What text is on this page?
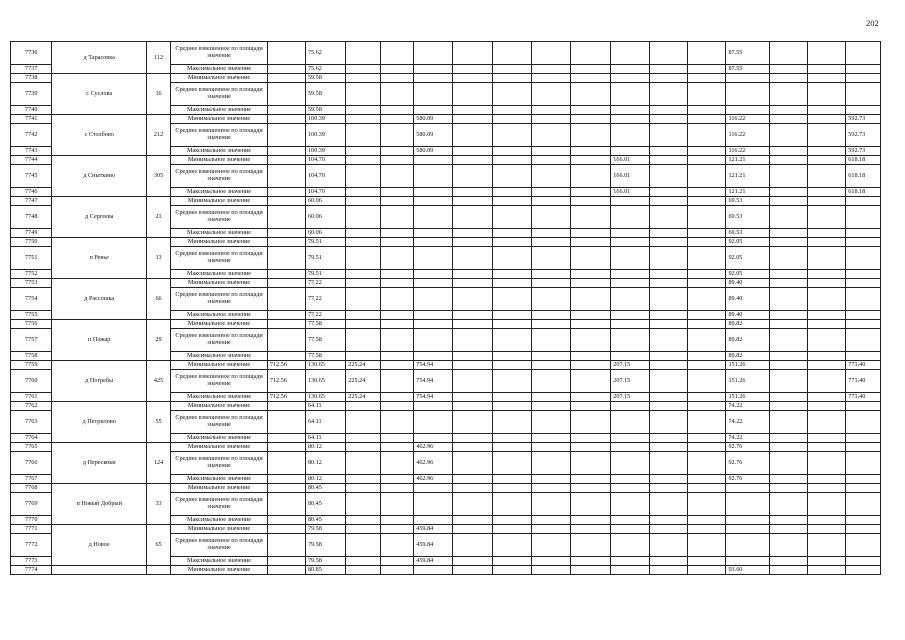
202
7736	д Тарасовка	112	Среднее взвешенное по площади значение		75.62											87.55			
7737			Максимальное значение		75.62											87.55			
7738	с Суслова	16	Минимальное значение		59.58														
7739			Среднее взвешенное по площади значение		59.58														
7740			Максимальное значение		59.58														
7741	с Столбово	212	Минимальное значение		100.39			580.09								116.22			592.73
7742			Среднее взвешенное по площади значение		100.39			580.09								116.22			592.73
7743			Максимальное значение		100.39			580.09								116.22			592.73
7744	д Сныткино	305	Минимальное значение		104.70								166.01			121.21			618.18
7745			Среднее взвешенное по площади значение		104.70								166.01			121.21			618.18
7746			Максимальное значение		104.70								166.01			121.21			618.18
7747	д Сергеева	21	Минимальное значение		60.06											69.53			
7748			Среднее взвешенное по площади значение		60.06											69.53			
7749			Максимальное значение		60.06											69.53			
7750	п Ревье	13	Минимальное значение		79.51											92.05			
7751			Среднее взвешенное по площади значение		79.51											92.05			
7752			Максимальное значение		79.51											92.05			
7753	д Рассошка	66	Минимальное значение		77.22											89.40			
7754			Среднее взвешенное по площади значение		77.22											89.40			
7755			Максимальное значение		77.22											89.40			
7756	п Пожар	29	Минимальное значение		77.58											89.82			
7757			Среднее взвешенное по площади значение		77.58											89.82			
7758			Максимальное значение		77.58											89.82			
7759	д Погребы	425	Минимальное значение	712.56	130.65	225.24		754.94					207.15			151.26			771.40
7760			Среднее взвешенное по площади значение	712.56	130.65	225.24		754.94					207.15			151.26			771.40
7761			Максимальное значение	712.56	130.65	225.24		754.94					207.15			151.26			771.40
7762	д Петрилово	55	Минимальное значение		64.11											74.22			
7763			Среднее взвешенное по площади значение		64.11											74.22			
7764			Максимальное значение		64.11											74.22			
7765	д Перескоки	124	Минимальное значение		80.12			462.96								92.76			
7766			Среднее взвешенное по площади значение		80.12			462.96								92.76			
7767			Максимальное значение		80.12			462.96								92.76			
7768	п Новый Добрый	33	Минимальное значение		80.45														
7769			Среднее взвешенное по площади значение		80.45														
7770			Максимальное значение		80.45														
7771	д Новое	65	Минимальное значение		79.58			459.84											
7772			Среднее взвешенное по площади значение		79.58			459.84											
7773			Максимальное значение		79.58			459.84											
7774			Минимальное значение		80.85											93.60			
